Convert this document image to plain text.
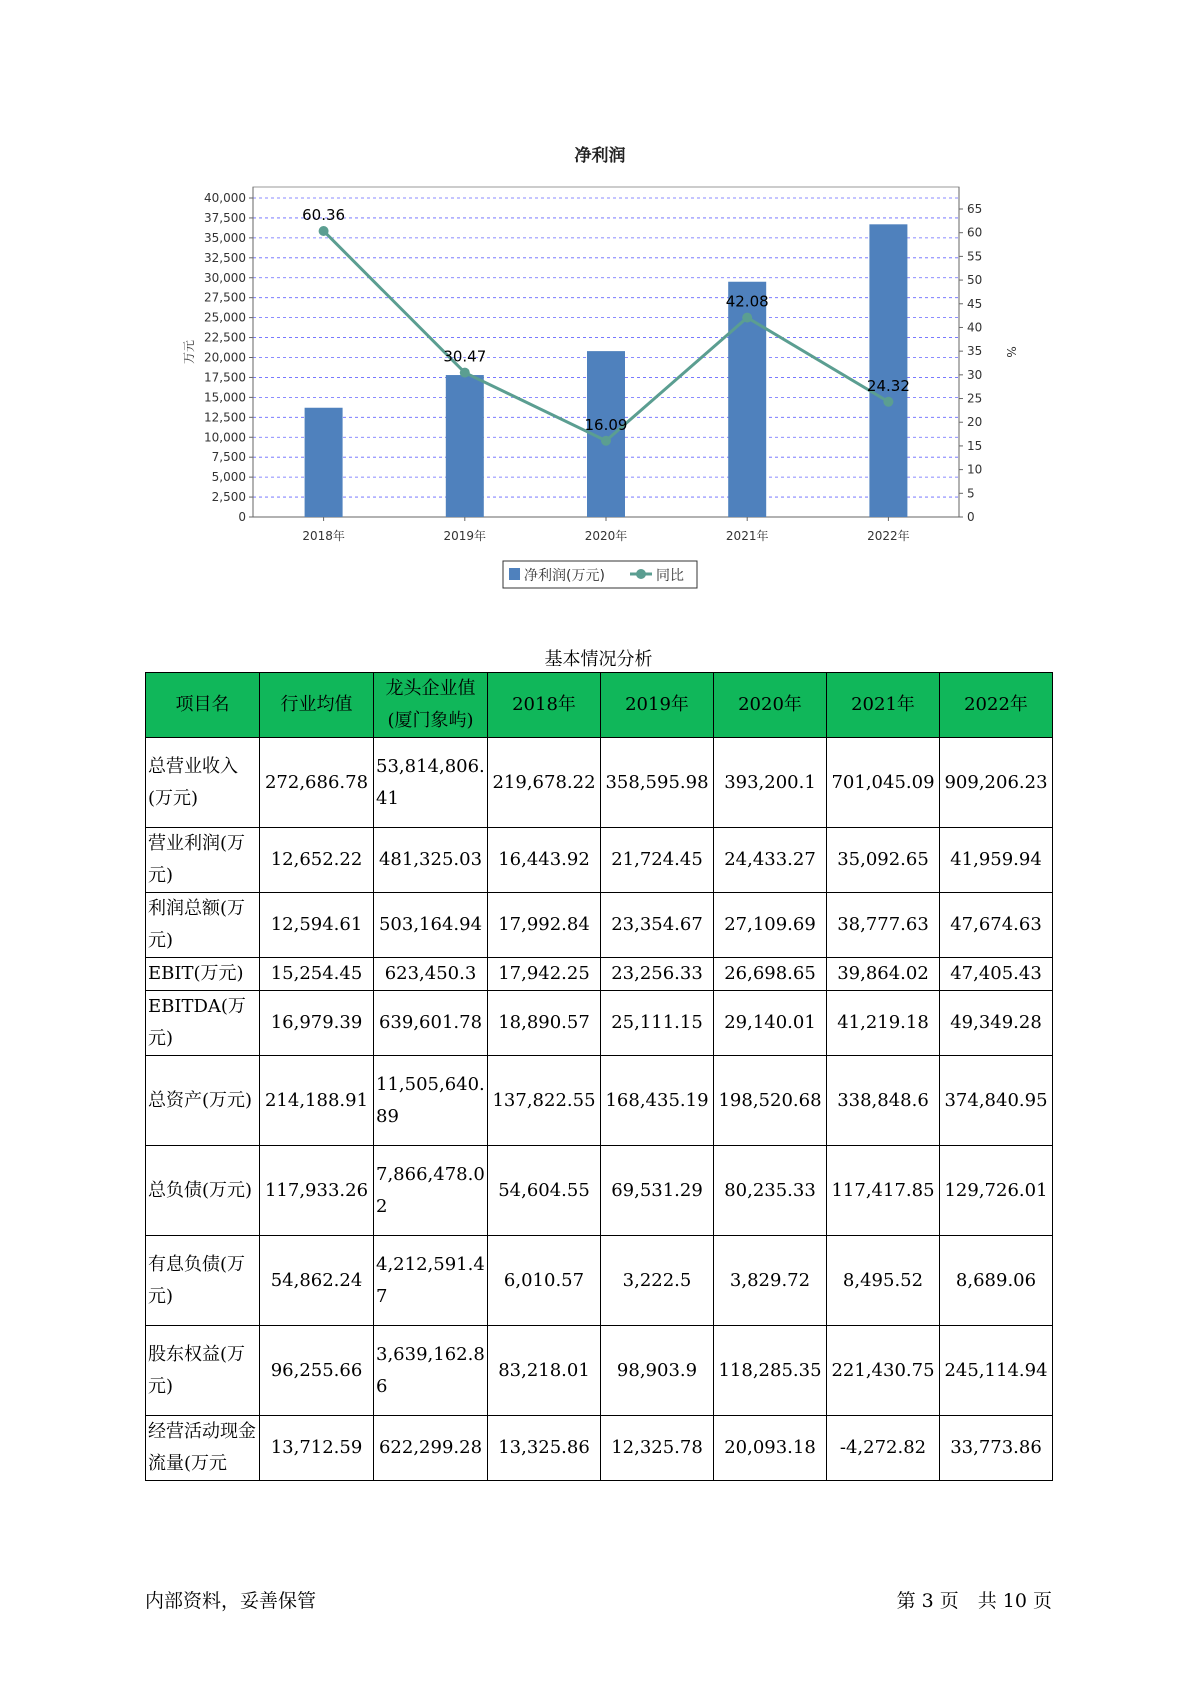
净利润
0
2,500
5,000
7,500
10,000
12,500
15,000
17,500
20,000
22,500
25,000
27,500
30,000
32,500
35,000
37,500
40,000
0
5
10
15
20
25
30
35
40
45
50
55
60
65
万元	%
2018年	2019年	2020年	2021年	2022年
60.36
30.47
16.09
42.08
24.32
净利润(万元)	同比
基本情况分析
项目名	行业均值	龙头企业值(厦门象屿)	2018年	2019年	2020年	2021年	2022年
总营业收入(万元)	272,686.78	53,814,806.41	219,678.22	358,595.98	393,200.1	701,045.09	909,206.23
营业利润(万元)	12,652.22	481,325.03	16,443.92	21,724.45	24,433.27	35,092.65	41,959.94
利润总额(万元)	12,594.61	503,164.94	17,992.84	23,354.67	27,109.69	38,777.63	47,674.63
EBIT(万元)	15,254.45	623,450.3	17,942.25	23,256.33	26,698.65	39,864.02	47,405.43
EBITDA(万元)	16,979.39	639,601.78	18,890.57	25,111.15	29,140.01	41,219.18	49,349.28
总资产(万元)	214,188.91	11,505,640.89	137,822.55	168,435.19	198,520.68	338,848.6	374,840.95
总负债(万元)	117,933.26	7,866,478.02	54,604.55	69,531.29	80,235.33	117,417.85	129,726.01
有息负债(万元)	54,862.24	4,212,591.47	6,010.57	3,222.5	3,829.72	8,495.52	8,689.06
股东权益(万元)	96,255.66	3,639,162.86	83,218.01	98,903.9	118,285.35	221,430.75	245,114.94
经营活动现金流量(万元	13,712.59	622,299.28	13,325.86	12,325.78	20,093.18	-4,272.82	33,773.86
内部资料，妥善保管	第 3 页　共 10 页
